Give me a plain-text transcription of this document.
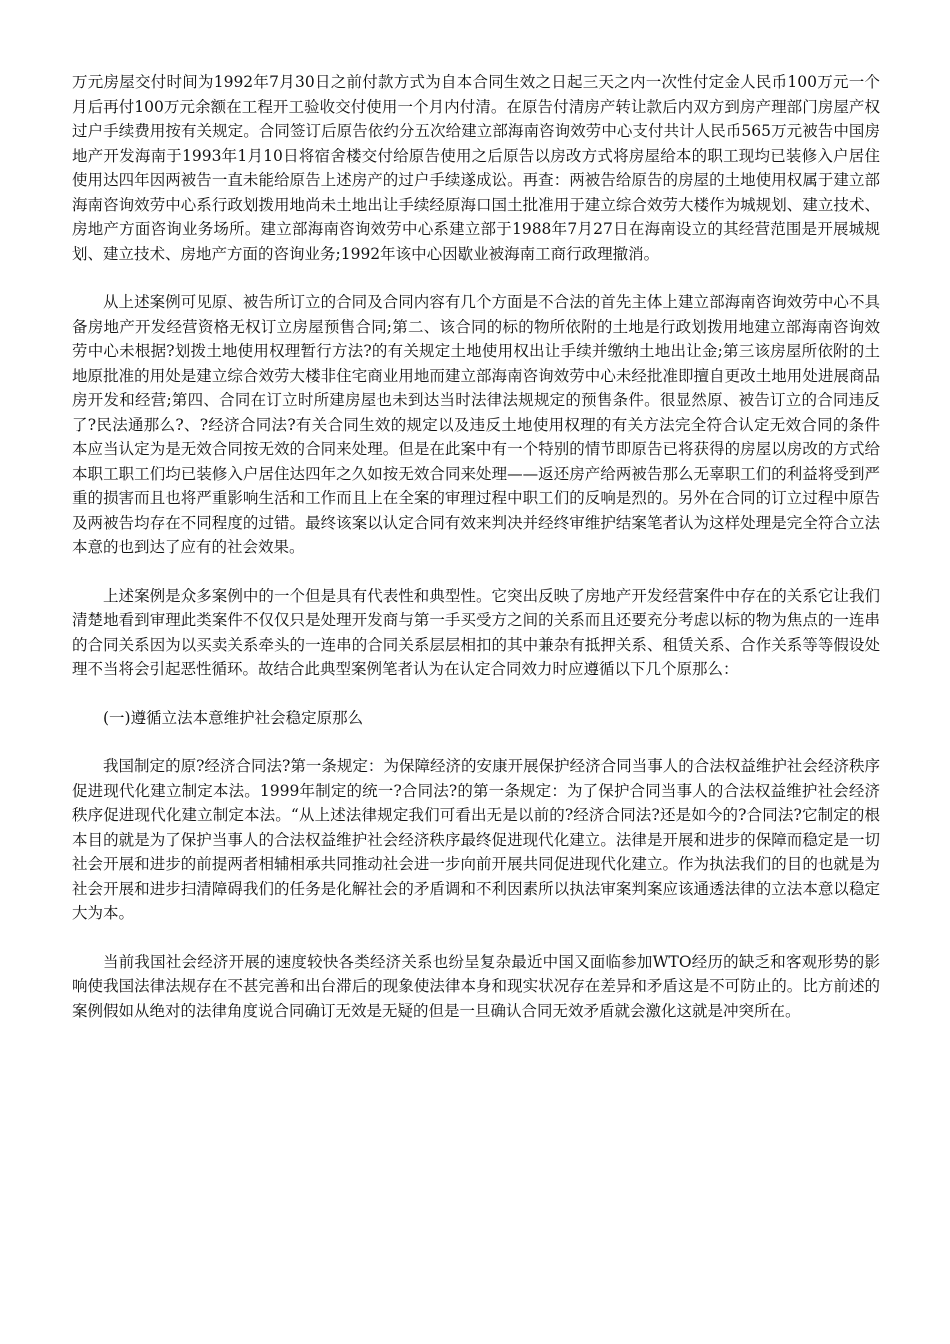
万元房屋交付时间为1992年7月30日之前付款方式为自本合同生效之日起三天之内一次性付定金人民币100万元一个月后再付100万元余额在工程开工验收交付使用一个月内付清。在原告付清房产转让款后内双方到房产理部门房屋产权过户手续费用按有关规定。合同签订后原告依约分五次给建立部海南咨询效劳中心支付共计人民币565万元被告中国房地产开发海南于1993年1月10日将宿舍楼交付给原告使用之后原告以房改方式将房屋给本的职工现均已装修入户居住使用达四年因两被告一直未能给原告上述房产的过户手续遂成讼。再查：两被告给原告的房屋的土地使用权属于建立部海南咨询效劳中心系行政划拨用地尚未土地出让手续经原海口国土批准用于建立综合效劳大楼作为城规划、建立技术、房地产方面咨询业务场所。建立部海南咨询效劳中心系建立部于1988年7月27日在海南设立的其经营范围是开展城规划、建立技术、房地产方面的咨询业务;1992年该中心因歇业被海南工商行政理撤消。

从上述案例可见原、被告所订立的合同及合同内容有几个方面是不合法的首先主体上建立部海南咨询效劳中心不具备房地产开发经营资格无权订立房屋预售合同;第二、该合同的标的物所依附的土地是行政划拨用地建立部海南咨询效劳中心未根据?划拨土地使用权理暂行方法?的有关规定土地使用权出让手续并缴纳土地出让金;第三该房屋所依附的土地原批准的用处是建立综合效劳大楼非住宅商业用地而建立部海南咨询效劳中心未经批准即擅自更改土地用处进展商品房开发和经营;第四、合同在订立时所建房屋也未到达当时法律法规规定的预售条件。很显然原、被告订立的合同违反了?民法通那么?、?经济合同法?有关合同生效的规定以及违反土地使用权理的有关方法完全符合认定无效合同的条件本应当认定为是无效合同按无效的合同来处理。但是在此案中有一个特别的情节即原告已将获得的房屋以房改的方式给本职工职工们均已装修入户居住达四年之久如按无效合同来处理——返还房产给两被告那么无辜职工们的利益将受到严重的损害而且也将严重影响生活和工作而且上在全案的审理过程中职工们的反响是烈的。另外在合同的订立过程中原告及两被告均存在不同程度的过错。最终该案以认定合同有效来判决并经终审维护结案笔者认为这样处理是完全符合立法本意的也到达了应有的社会效果。

上述案例是众多案例中的一个但是具有代表性和典型性。它突出反映了房地产开发经营案件中存在的关系它让我们清楚地看到审理此类案件不仅仅只是处理开发商与第一手买受方之间的关系而且还要充分考虑以标的物为焦点的一连串的合同关系因为以买卖关系牵头的一连串的合同关系层层相扣的其中兼杂有抵押关系、租赁关系、合作关系等等假设处理不当将会引起恶性循环。故结合此典型案例笔者认为在认定合同效力时应遵循以下几个原那么：

(一)遵循立法本意维护社会稳定原那么

我国制定的原?经济合同法?第一条规定：为保障经济的安康开展保护经济合同当事人的合法权益维护社会经济秩序促进现代化建立制定本法。1999年制定的统一?合同法?的第一条规定：为了保护合同当事人的合法权益维护社会经济秩序促进现代化建立制定本法。“从上述法律规定我们可看出无是以前的?经济合同法?还是如今的?合同法?它制定的根本目的就是为了保护当事人的合法权益维护社会经济秩序最终促进现代化建立。法律是开展和进步的保障而稳定是一切社会开展和进步的前提两者相辅相承共同推动社会进一步向前开展共同促进现代化建立。作为执法我们的目的也就是为社会开展和进步扫清障碍我们的任务是化解社会的矛盾调和不利因素所以执法审案判案应该通透法律的立法本意以稳定大为本。

当前我国社会经济开展的速度较快各类经济关系也纷呈复杂最近中国又面临参加WTO经历的缺乏和客观形势的影响使我国法律法规存在不甚完善和出台滞后的现象使法律本身和现实状况存在差异和矛盾这是不可防止的。比方前述的案例假如从绝对的法律角度说合同确订无效是无疑的但是一旦确认合同无效矛盾就会激化这就是冲突所在。
